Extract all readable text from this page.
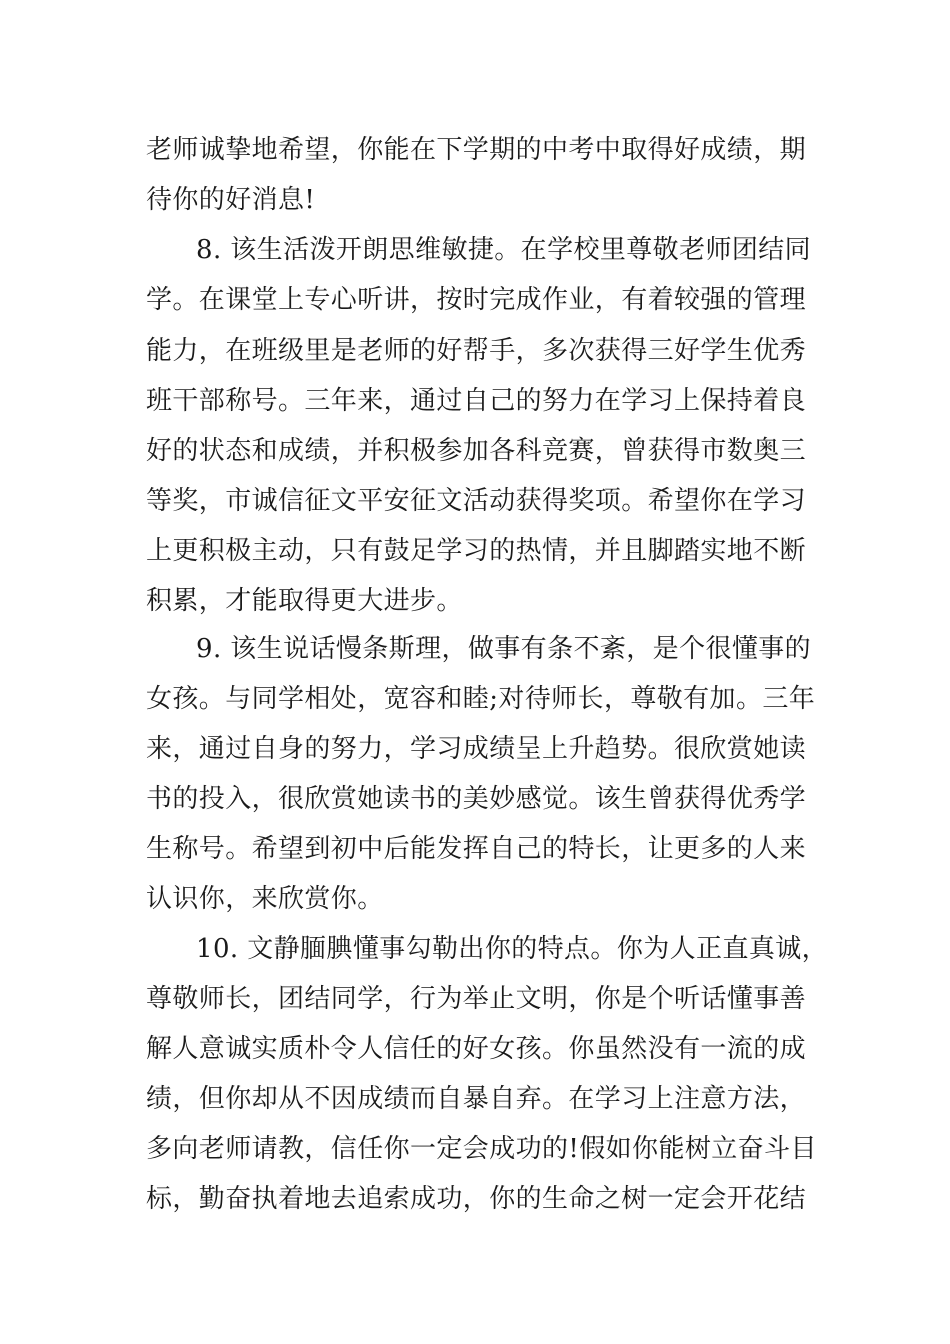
老师诚挚地希望，你能在下学期的中考中取得好成绩，期
待你的好消息!
8. 该生活泼开朗思维敏捷。在学校里尊敬老师团结同
学。在课堂上专心听讲，按时完成作业，有着较强的管理
能力，在班级里是老师的好帮手，多次获得三好学生优秀
班干部称号。三年来，通过自己的努力在学习上保持着良
好的状态和成绩，并积极参加各科竞赛，曾获得市数奥三
等奖，市诚信征文平安征文活动获得奖项。希望你在学习
上更积极主动，只有鼓足学习的热情，并且脚踏实地不断
积累，才能取得更大进步。
9. 该生说话慢条斯理，做事有条不紊，是个很懂事的
女孩。与同学相处，宽容和睦;对待师长，尊敬有加。三年
来，通过自身的努力，学习成绩呈上升趋势。很欣赏她读
书的投入，很欣赏她读书的美妙感觉。该生曾获得优秀学
生称号。希望到初中后能发挥自己的特长，让更多的人来
认识你，来欣赏你。
10. 文静腼腆懂事勾勒出你的特点。你为人正直真诚，
尊敬师长，团结同学，行为举止文明，你是个听话懂事善
解人意诚实质朴令人信任的好女孩。你虽然没有一流的成
绩，但你却从不因成绩而自暴自弃。在学习上注意方法，
多向老师请教，信任你一定会成功的!假如你能树立奋斗目
标，勤奋执着地去追索成功，你的生命之树一定会开花结
